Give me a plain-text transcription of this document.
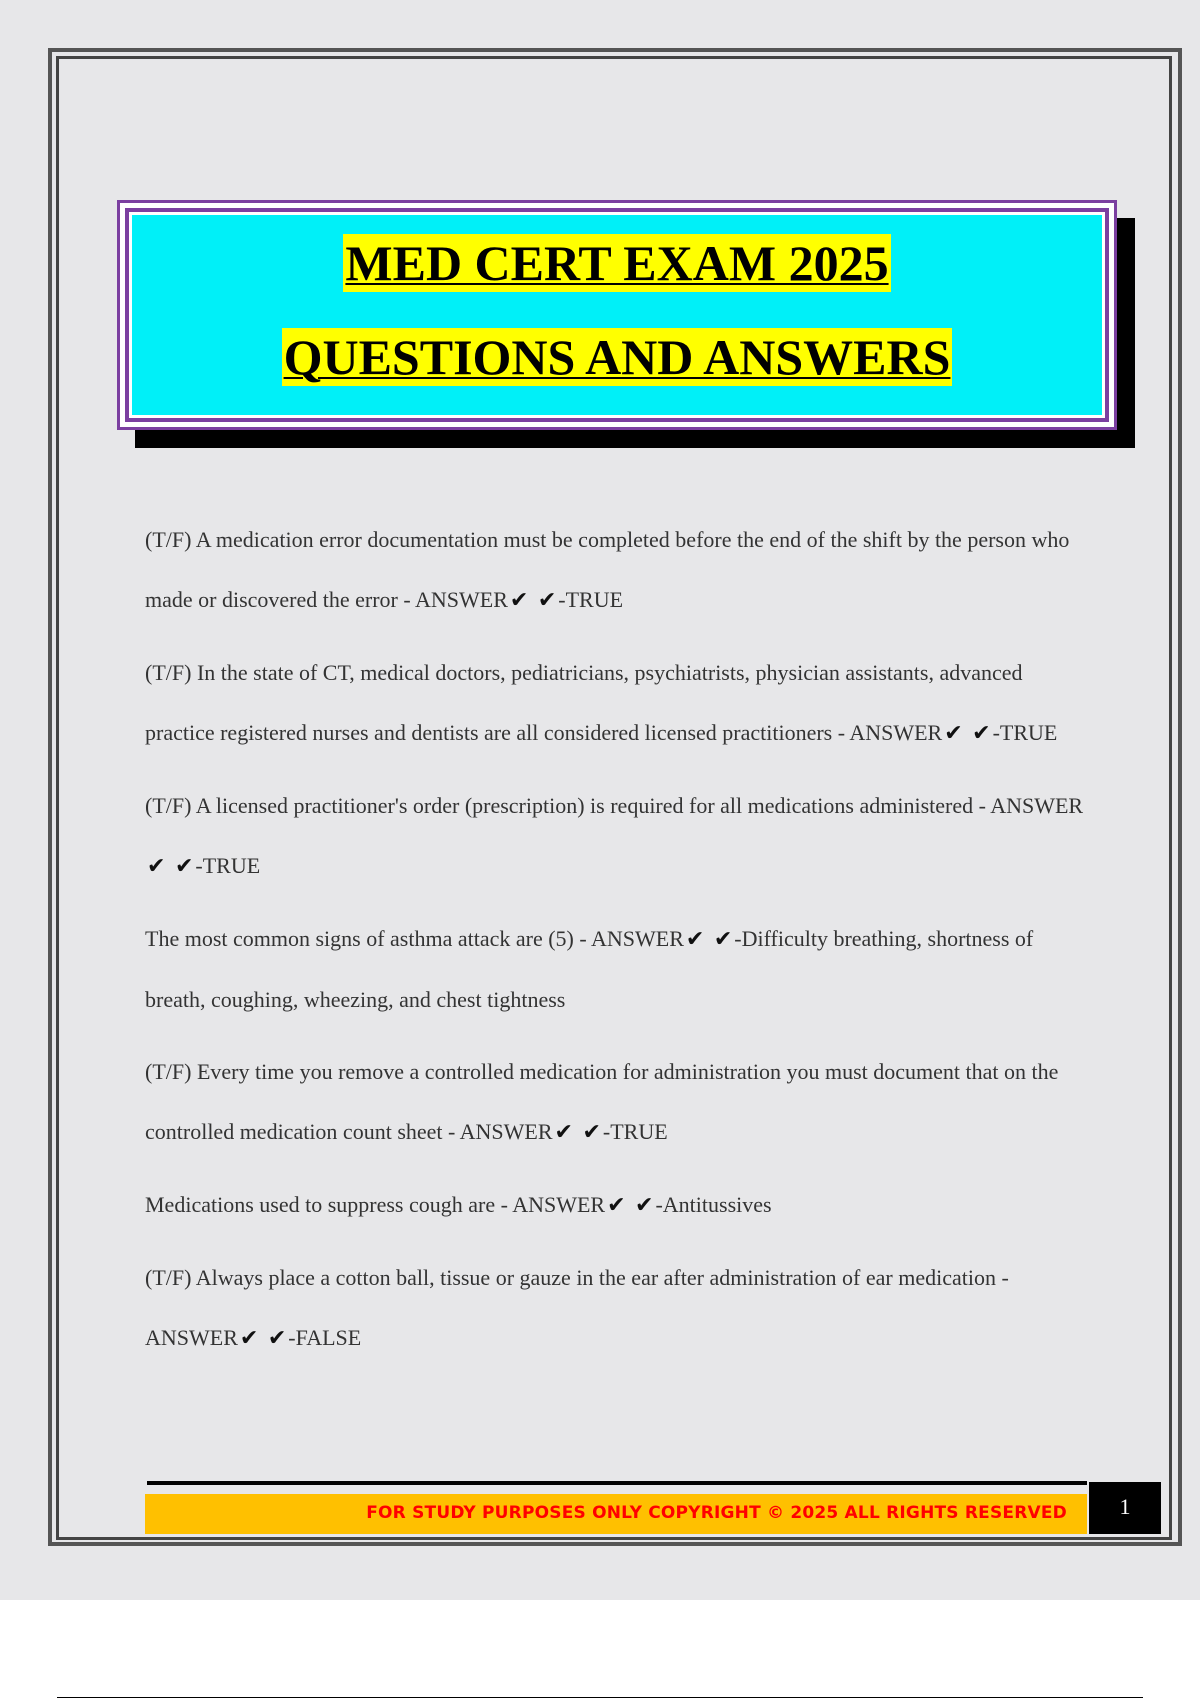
MED CERT EXAM 2025
QUESTIONS AND ANSWERS

(T/F) A medication error documentation must be completed before the end of the shift by the person who made or discovered the error - ANSWER✔ ✔-TRUE

(T/F) In the state of CT, medical doctors, pediatricians, psychiatrists, physician assistants, advanced practice registered nurses and dentists are all considered licensed practitioners - ANSWER✔ ✔-TRUE

(T/F) A licensed practitioner's order (prescription) is required for all medications administered - ANSWER✔ ✔-TRUE

The most common signs of asthma attack are (5) - ANSWER✔ ✔-Difficulty breathing, shortness of breath, coughing, wheezing, and chest tightness

(T/F) Every time you remove a controlled medication for administration you must document that on the controlled medication count sheet - ANSWER✔ ✔-TRUE

Medications used to suppress cough are - ANSWER✔ ✔-Antitussives

(T/F) Always place a cotton ball, tissue or gauze in the ear after administration of ear medication - ANSWER✔ ✔-FALSE

FOR STUDY PURPOSES ONLY COPYRIGHT © 2025 ALL RIGHTS RESERVED	1
